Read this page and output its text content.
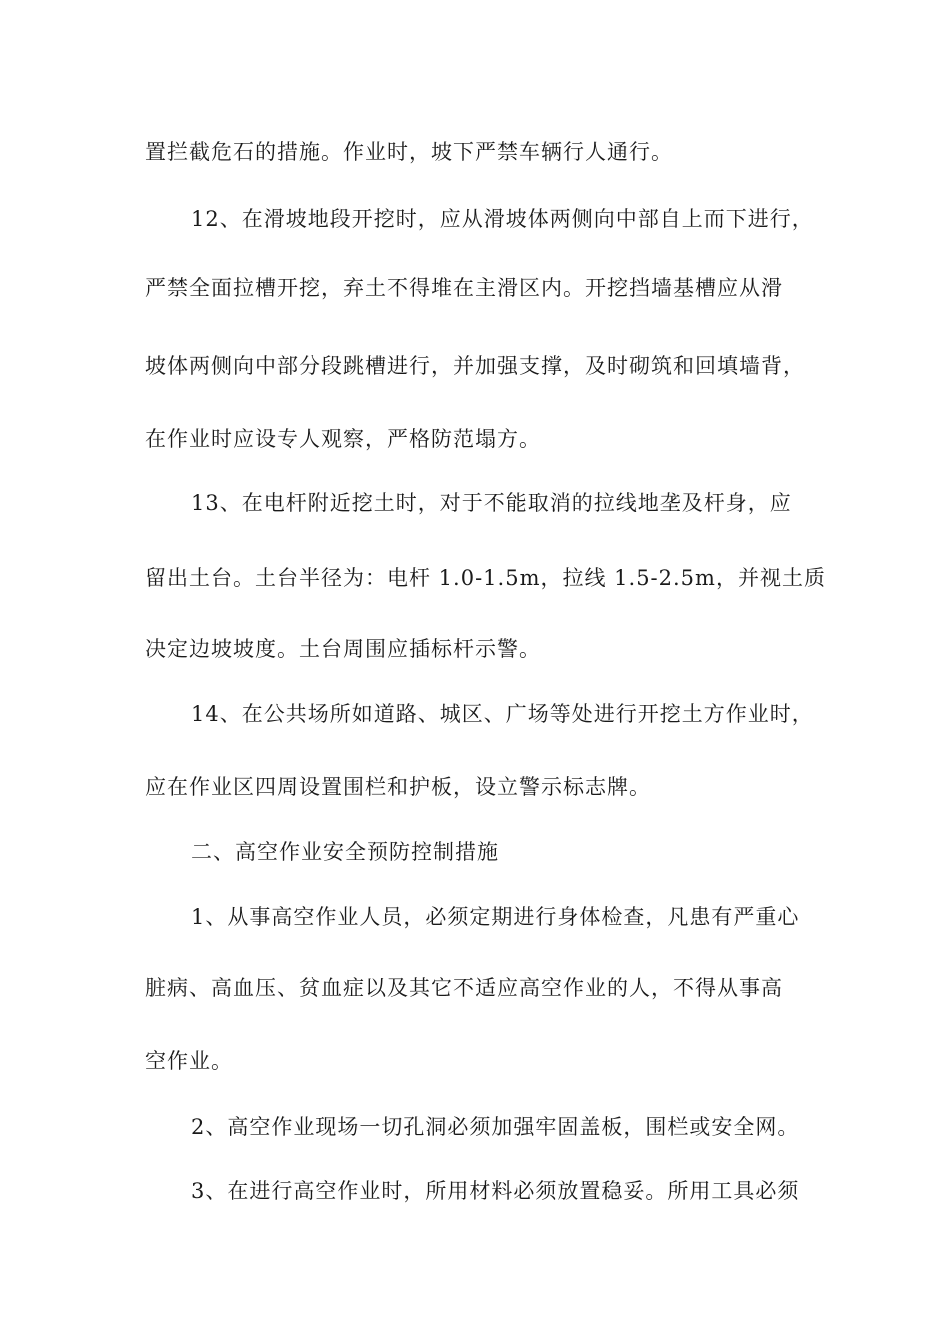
置拦截危石的措施。作业时，坡下严禁车辆行人通行。
12、在滑坡地段开挖时，应从滑坡体两侧向中部自上而下进行，
严禁全面拉槽开挖，弃土不得堆在主滑区内。开挖挡墙基槽应从滑
坡体两侧向中部分段跳槽进行，并加强支撑，及时砌筑和回填墙背，
在作业时应设专人观察，严格防范塌方。
13、在电杆附近挖土时，对于不能取消的拉线地垄及杆身，应
留出土台。土台半径为：电杆 1.0-1.5m，拉线 1.5-2.5m，并视土质
决定边坡坡度。土台周围应插标杆示警。
14、在公共场所如道路、城区、广场等处进行开挖土方作业时，
应在作业区四周设置围栏和护板，设立警示标志牌。
二、高空作业安全预防控制措施
1、从事高空作业人员，必须定期进行身体检查，凡患有严重心
脏病、高血压、贫血症以及其它不适应高空作业的人，不得从事高
空作业。
2、高空作业现场一切孔洞必须加强牢固盖板，围栏或安全网。
3、在进行高空作业时，所用材料必须放置稳妥。所用工具必须
